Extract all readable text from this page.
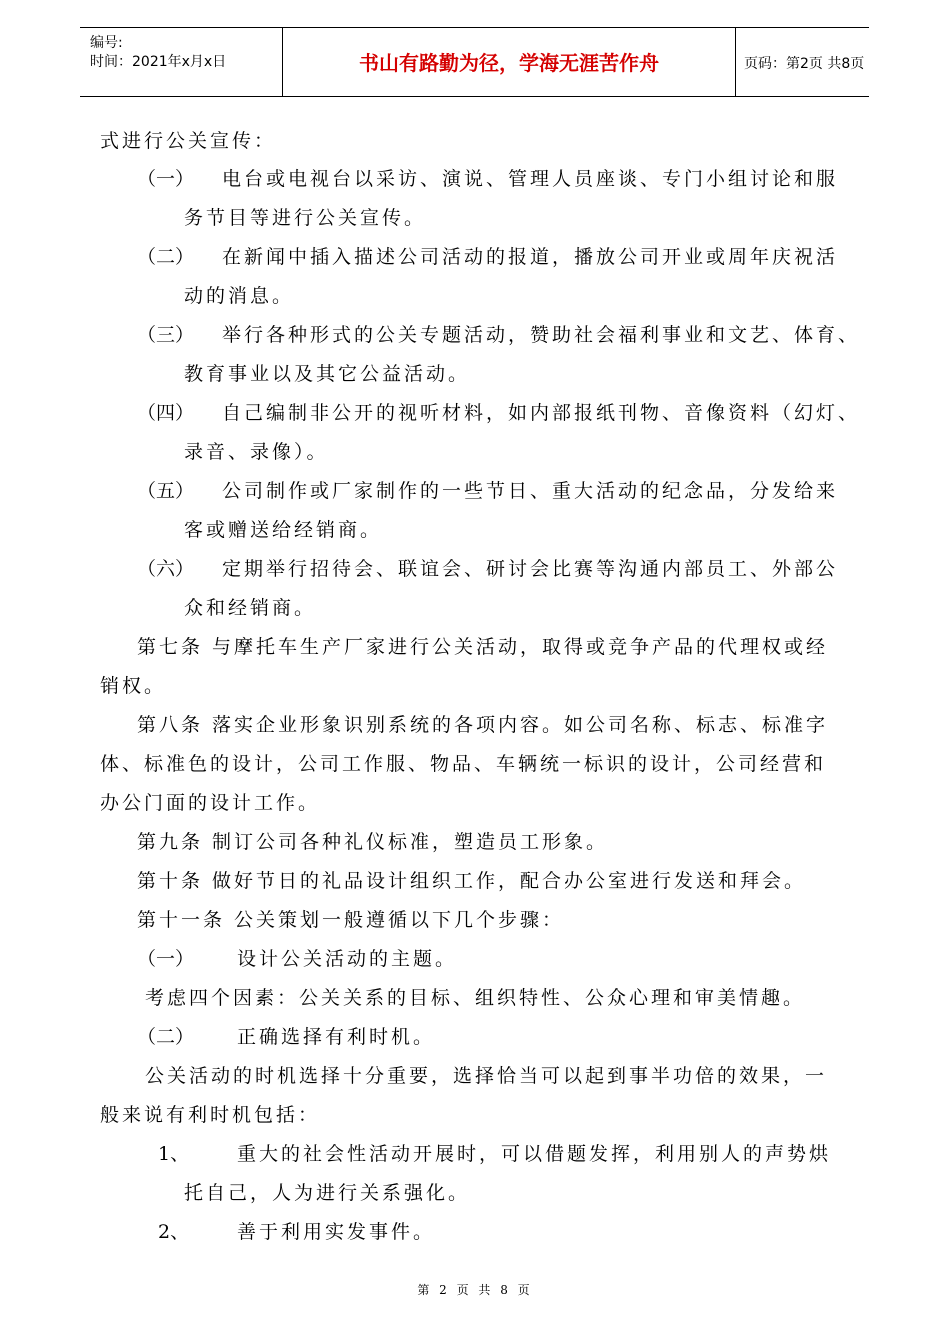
编号:
时间：2021年x月x日	书山有路勤为径，学海无涯苦作舟	页码：第2页 共8页
式进行公关宣传：
（一） 电台或电视台以采访、演说、管理人员座谈、专门小组讨论和服
务节目等进行公关宣传。
（二） 在新闻中插入描述公司活动的报道，播放公司开业或周年庆祝活
动的消息。
（三） 举行各种形式的公关专题活动，赞助社会福利事业和文艺、体育、
教育事业以及其它公益活动。
（四） 自己编制非公开的视听材料，如内部报纸刊物、音像资料（幻灯、
录音、录像）。
（五） 公司制作或厂家制作的一些节日、重大活动的纪念品，分发给来
客或赠送给经销商。
（六） 定期举行招待会、联谊会、研讨会比赛等沟通内部员工、外部公
众和经销商。
第七条 与摩托车生产厂家进行公关活动，取得或竞争产品的代理权或经
销权。
第八条 落实企业形象识别系统的各项内容。如公司名称、标志、标准字
体、标准色的设计，公司工作服、物品、车辆统一标识的设计，公司经营和
办公门面的设计工作。
第九条 制订公司各种礼仪标准，塑造员工形象。
第十条 做好节日的礼品设计组织工作，配合办公室进行发送和拜会。
第十一条 公关策划一般遵循以下几个步骤：
（一） 设计公关活动的主题。
考虑四个因素：公关关系的目标、组织特性、公众心理和审美情趣。
（二） 正确选择有利时机。
公关活动的时机选择十分重要，选择恰当可以起到事半功倍的效果，一
般来说有利时机包括：
1、	重大的社会性活动开展时，可以借题发挥，利用别人的声势烘
托自己，人为进行关系强化。
2、	善于利用实发事件。
第 2 页 共 8 页
